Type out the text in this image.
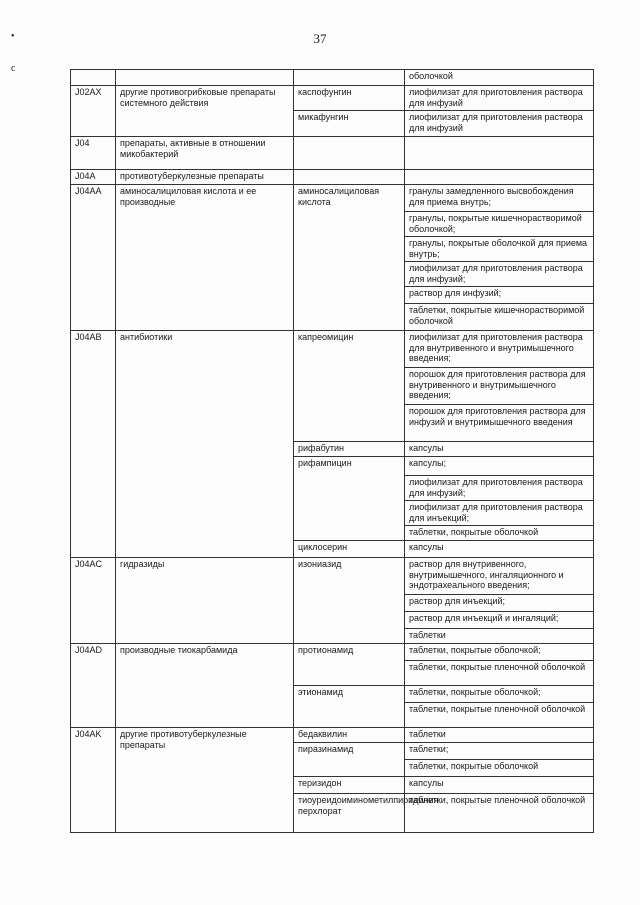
37
•
c
			оболочкой
J02AX	другие противогрибковые препараты системного действия	каспофунгин	лиофилизат для приготовления раствора для инфузий
		микафунгин	лиофилизат для приготовления раствора для инфузий
J04	препараты, активные в отношении микобактерий		
J04A	противотуберкулезные препараты		
J04AA	аминосалициловая кислота и ее производные	аминосалициловая кислота	гранулы замедленного высвобождения для приема внутрь;
			гранулы, покрытые кишечнорастворимой оболочкой;
			гранулы, покрытые оболочкой для приема внутрь;
			лиофилизат для приготовления раствора для инфузий;
			раствор для инфузий;
			таблетки, покрытые кишечнорастворимой оболочкой
J04AB	антибиотики	капреомицин	лиофилизат для приготовления раствора для внутривенного и внутримышечного введения;
			порошок для приготовления раствора для внутривенного и внутримышечного введения;
			порошок для приготовления раствора для инфузий и внутримышечного введения
		рифабутин	капсулы
		рифампицин	капсулы;
			лиофилизат для приготовления раствора для инфузий;
			лиофилизат для приготовления раствора для инъекций;
			таблетки, покрытые оболочкой
		циклосерин	капсулы
J04AC	гидразиды	изониазид	раствор для внутривенного, внутримышечного, ингаляционного и эндотрахеального введения;
			раствор для инъекций;
			раствор для инъекций и ингаляций;
			таблетки
J04AD	производные тиокарбамида	протионамид	таблетки, покрытые оболочкой;
			таблетки, покрытые пленочной оболочкой
		этионамид	таблетки, покрытые оболочкой;
			таблетки, покрытые пленочной оболочкой
J04AK	другие противотуберкулезные препараты	бедаквилин	таблетки
		пиразинамид	таблетки;
			таблетки, покрытые оболочкой
		теризидон	капсулы
		тиоуреидоиминометилпиридиния перхлорат	таблетки, покрытые пленочной оболочкой
